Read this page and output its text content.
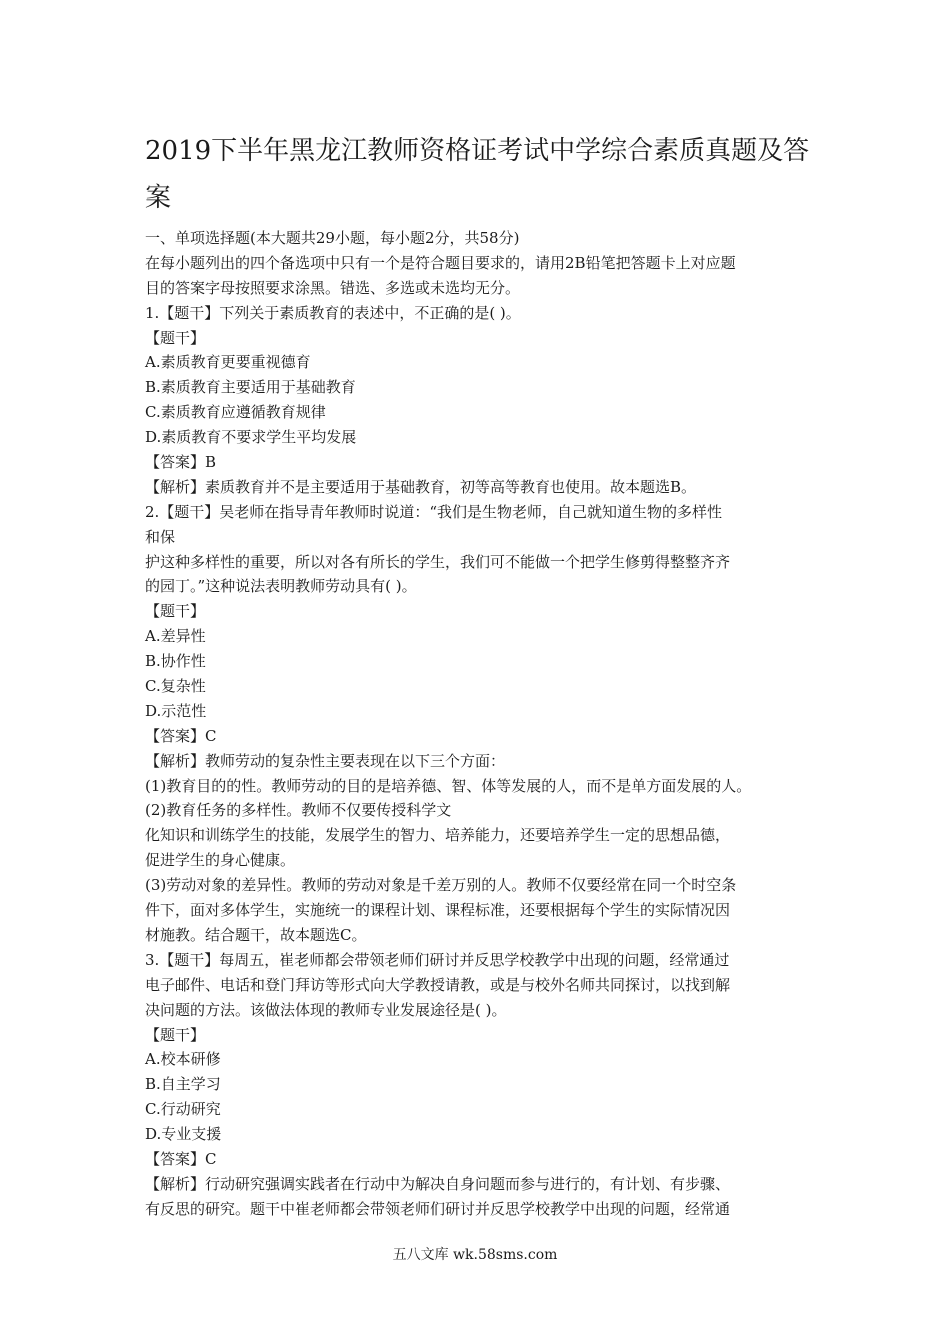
2019下半年黑龙江教师资格证考试中学综合素质真题及答案
一、单项选择题(本大题共29小题，每小题2分，共58分)
在每小题列出的四个备选项中只有一个是符合题目要求的，请用2B铅笔把答题卡上对应题
目的答案字母按照要求涂黑。错选、多选或未选均无分。
1.【题干】下列关于素质教育的表述中，不正确的是( )。
【题干】
A.素质教育更要重视德育
B.素质教育主要适用于基础教育
C.素质教育应遵循教育规律
D.素质教育不要求学生平均发展
【答案】B
【解析】素质教育并不是主要适用于基础教育，初等高等教育也使用。故本题选B。
2.【题干】吴老师在指导青年教师时说道：“我们是生物老师，自己就知道生物的多样性
和保
护这种多样性的重要，所以对各有所长的学生，我们可不能做一个把学生修剪得整整齐齐
的园丁。”这种说法表明教师劳动具有( )。
【题干】
A.差异性
B.协作性
C.复杂性
D.示范性
【答案】C
【解析】教师劳动的复杂性主要表现在以下三个方面：
(1)教育目的的性。教师劳动的目的是培养德、智、体等发展的人，而不是单方面发展的人。
(2)教育任务的多样性。教师不仅要传授科学文
化知识和训练学生的技能，发展学生的智力、培养能力，还要培养学生一定的思想品德，
促进学生的身心健康。
(3)劳动对象的差异性。教师的劳动对象是千差万别的人。教师不仅要经常在同一个时空条
件下，面对多体学生，实施统一的课程计划、课程标准，还要根据每个学生的实际情况因
材施教。结合题干，故本题选C。
3.【题干】每周五，崔老师都会带领老师们研讨并反思学校教学中出现的问题，经常通过
电子邮件、电话和登门拜访等形式向大学教授请教，或是与校外名师共同探讨，以找到解
决问题的方法。该做法体现的教师专业发展途径是( )。
【题干】
A.校本研修
B.自主学习
C.行动研究
D.专业支援
【答案】C
【解析】行动研究强调实践者在行动中为解决自身问题而参与进行的，有计划、有步骤、
有反思的研究。题干中崔老师都会带领老师们研讨并反思学校教学中出现的问题，经常通
五八文库 wk.58sms.com
